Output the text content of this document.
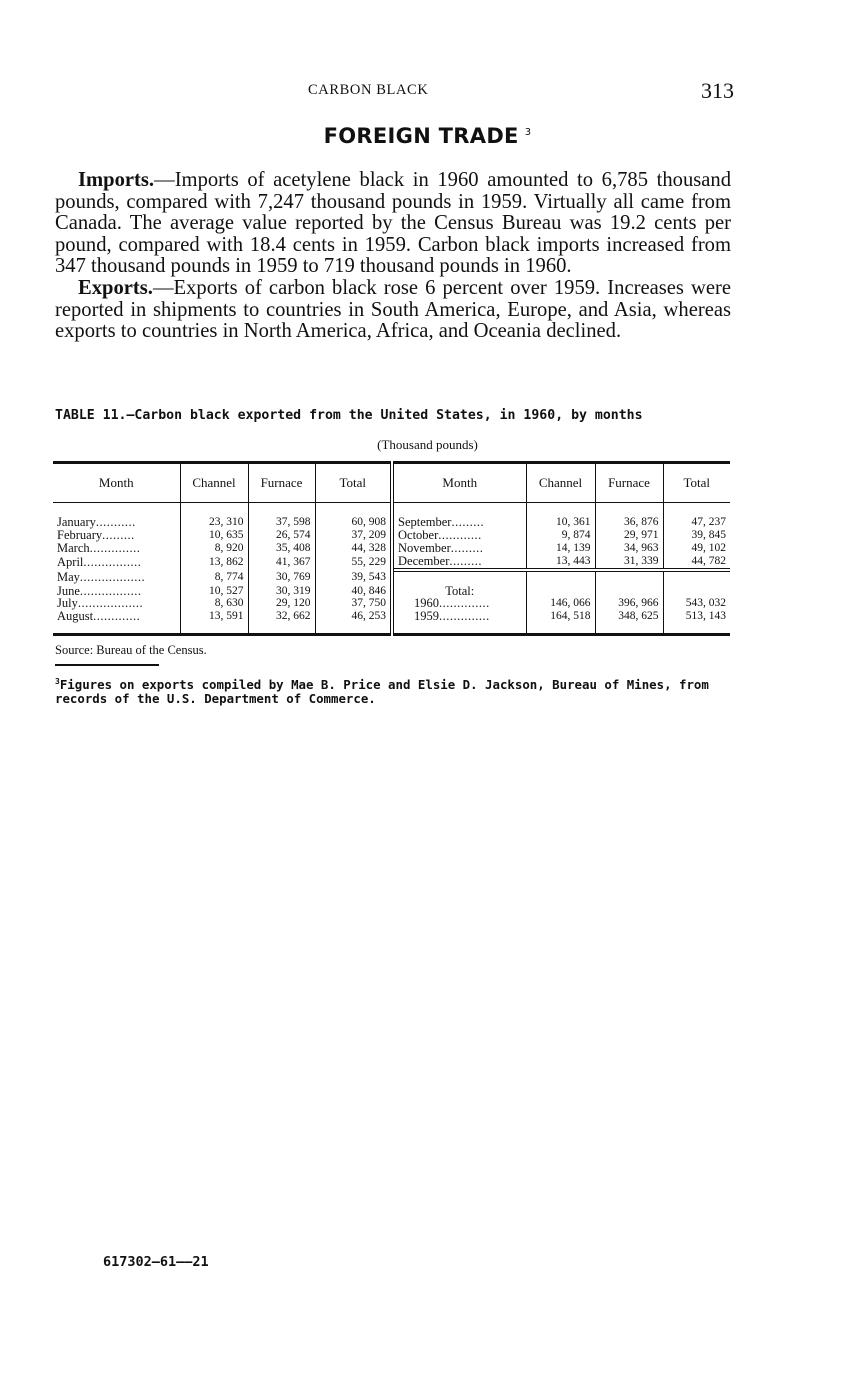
CARBON BLACK	313
FOREIGN TRADE $^3$

Imports.—Imports of acetylene black in 1960 amounted to 6,785 thousand pounds, compared with 7,247 thousand pounds in 1959. Virtually all came from Canada. The average value reported by the Census Bureau was 19.2 cents per pound, compared with 18.4 cents in 1959. Carbon black imports increased from 347 thousand pounds in 1959 to 719 thousand pounds in 1960.

Exports.—Exports of carbon black rose 6 percent over 1959. Increases were reported in shipments to countries in South America, Europe, and Asia, whereas exports to countries in North America, Africa, and Oceania declined.

TABLE 11.—Carbon black exported from the United States, in 1960, by months
(Thousand pounds)
Month	Channel	Furnace	Total	Month	Channel	Furnace	Total
January...........	23, 310	37, 598	60, 908	September.........	10, 361	36, 876	47, 237
February.........	10, 635	26, 574	37, 209	October............	9, 874	29, 971	39, 845
March..............	8, 920	35, 408	44, 328	November.........	14, 139	34, 963	49, 102
April................	13, 862	41, 367	55, 229	December.........	13, 443	31, 339	44, 782
May..................	8, 774	30, 769	39, 543				
June.................	10, 527	30, 319	40, 846	Total:			
July..................	8, 630	29, 120	37, 750	1960..............	146, 066	396, 966	543, 032
August.............	13, 591	32, 662	46, 253	1959..............	164, 518	348, 625	513, 143
Source: Bureau of the Census.
$^3$Figures on exports compiled by Mae B. Price and Elsie D. Jackson, Bureau of Mines, from records of the U.S. Department of Commerce.
617302—61——21
